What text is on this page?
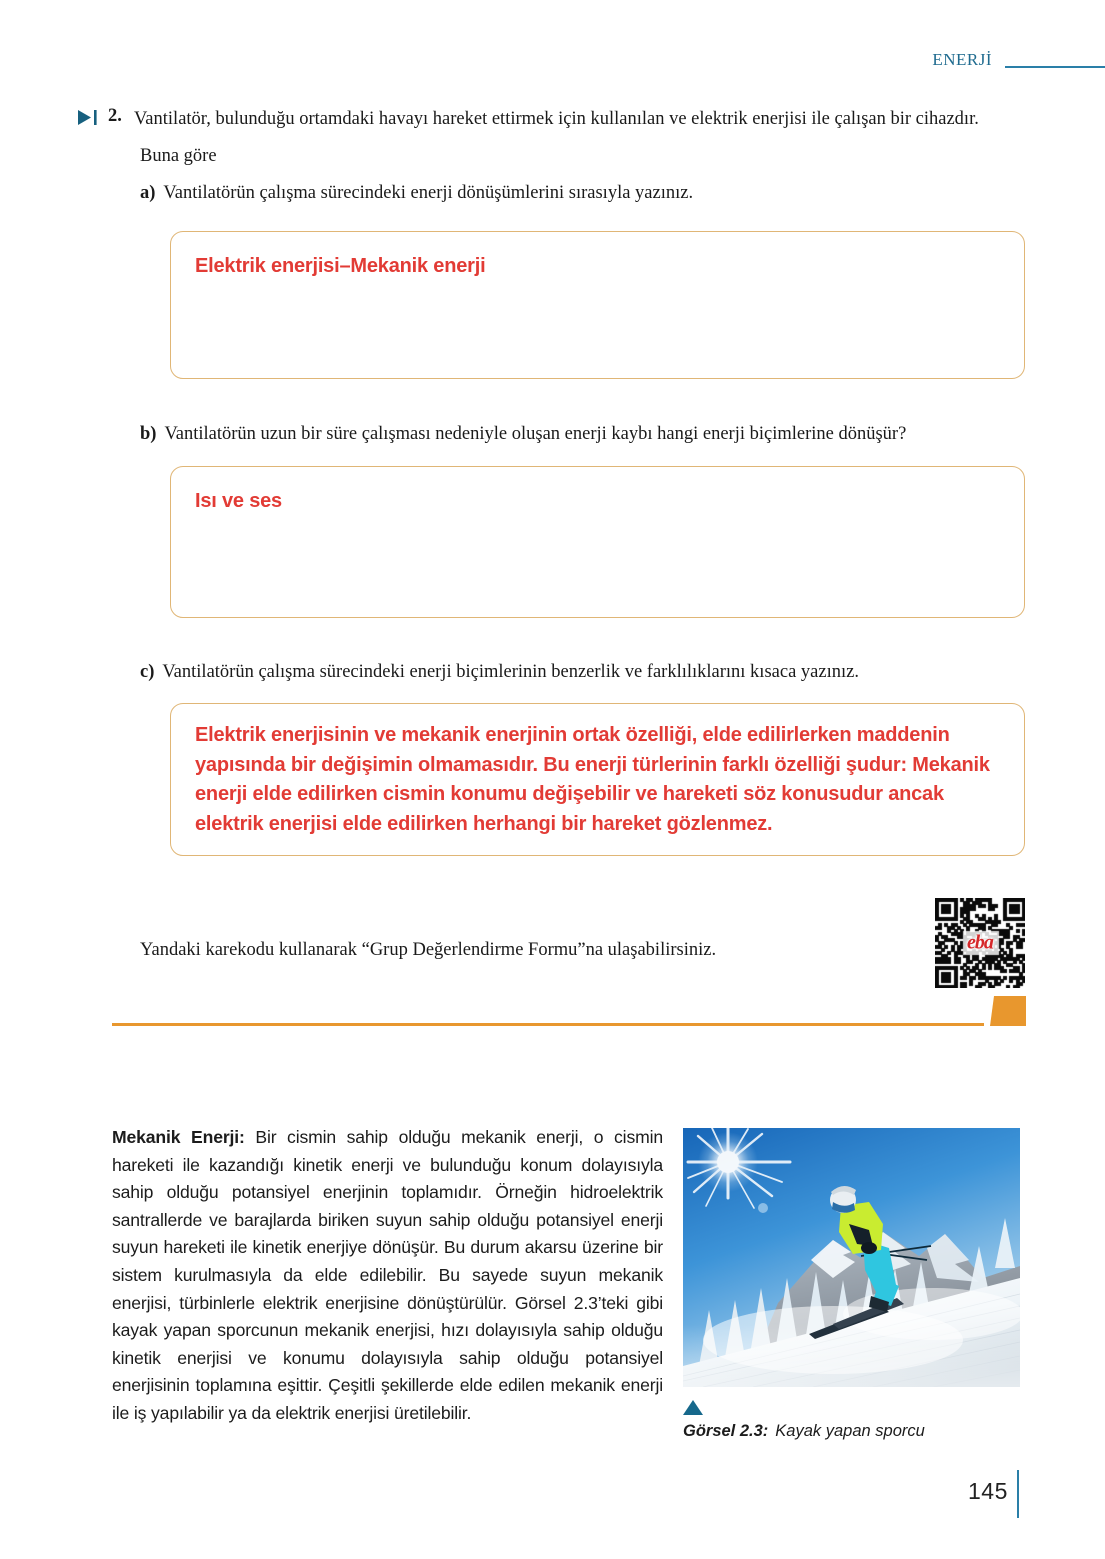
ENERJİ
2. Vantilatör, bulunduğu ortamdaki havayı hareket ettirmek için kullanılan ve elektrik enerjisi ile çalışan bir cihazdır.
Buna göre
a) Vantilatörün çalışma sürecindeki enerji dönüşümlerini sırasıyla yazınız.
Elektrik enerjisi–Mekanik enerji
b) Vantilatörün uzun bir süre çalışması nedeniyle oluşan enerji kaybı hangi enerji biçimlerine dönüşür?
Isı ve ses
c) Vantilatörün çalışma sürecindeki enerji biçimlerinin benzerlik ve farklılıklarını kısaca yazınız.
Elektrik enerjisinin ve mekanik enerjinin ortak özelliği, elde edilirlerken maddenin yapısında bir değişimin olmamasıdır. Bu enerji türlerinin farklı özelliği şudur: Mekanik enerji elde edilirken cismin konumu değişebilir ve hareketi söz konusudur ancak elektrik enerjisi elde edilirken herhangi bir hareket gözlenmez.
Yandaki karekodu kullanarak “Grup Değerlendirme Formu”na ulaşabilirsiniz.	eba
Mekanik Enerji: Bir cismin sahip olduğu mekanik enerji, o cismin hareketi ile kazandığı kinetik enerji ve bulunduğu konum dolayısıyla sahip olduğu potansiyel enerjinin toplamıdır. Örneğin hidroelektrik santrallerde ve barajlarda biriken suyun sahip olduğu potansiyel enerji suyun hareketi ile kinetik enerjiye dönüşür. Bu durum akarsu üzerine bir sistem kurulmasıyla da elde edilebilir. Bu sayede suyun mekanik enerjisi, türbinlerle elektrik enerjisine dönüştürülür. Görsel 2.3’teki gibi kayak yapan sporcunun mekanik enerjisi, hızı dolayısıyla sahip olduğu kinetik enerjisi ve konumu dolayısıyla sahip olduğu potansiyel enerjisinin toplamına eşittir. Çeşitli şekillerde elde edilen mekanik enerji ile iş yapılabilir ya da elektrik enerjisi üretilebilir.
Görsel 2.3: Kayak yapan sporcu
145
